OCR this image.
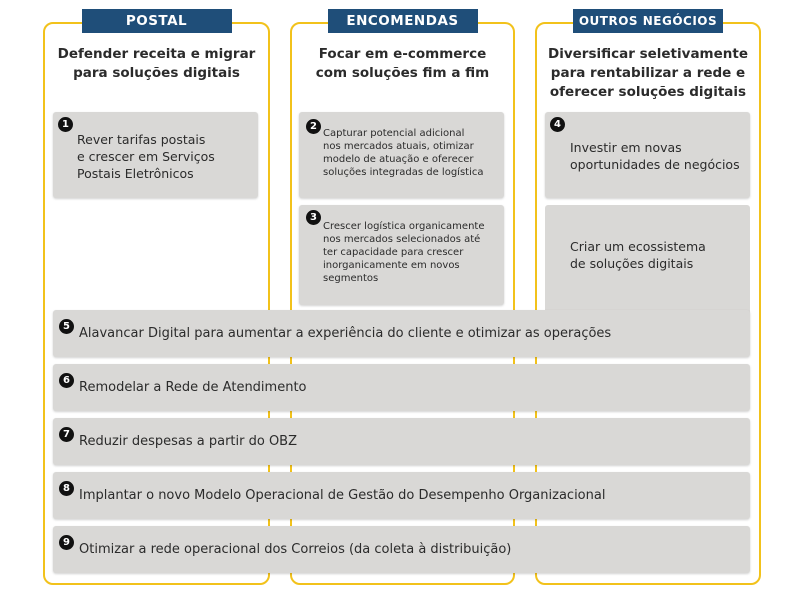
POSTAL
Defender receita e migrar
para soluções digitais
ENCOMENDAS
Focar em e-commerce
com soluções fim a fim
OUTROS NEGÓCIOS
Diversificar seletivamente
para rentabilizar a rede e
oferecer soluções digitais
1
Rever tarifas postais
e crescer em Serviços
Postais Eletrônicos
2
Capturar potencial adicional
nos mercados atuais, otimizar
modelo de atuação e oferecer
soluções integradas de logística
3
Crescer logística organicamente
nos mercados selecionados até
ter capacidade para crescer
inorganicamente em novos
segmentos
4
Investir em novas
oportunidades de negócios
Criar um ecossistema
de soluções digitais
5 Alavancar Digital para aumentar a experiência do cliente e otimizar as operações
6 Remodelar a Rede de Atendimento
7 Reduzir despesas a partir do OBZ
8 Implantar o novo Modelo Operacional de Gestão do Desempenho Organizacional
9 Otimizar a rede operacional dos Correios (da coleta à distribuição)
